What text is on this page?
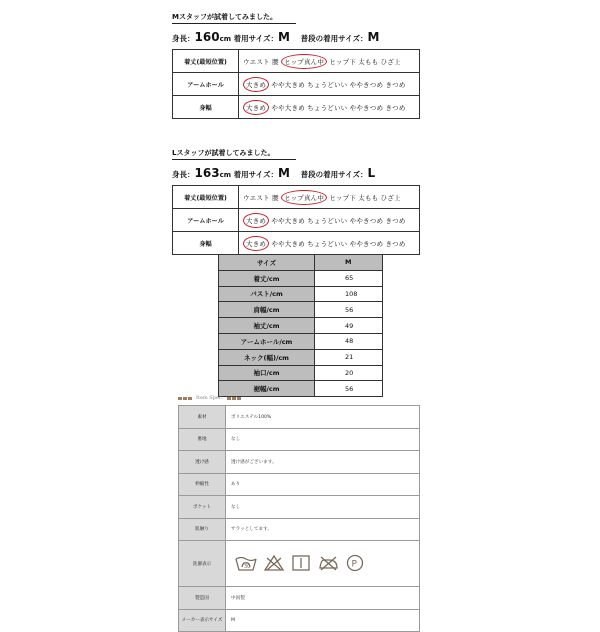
Mスタッフが試着してみました。
身長：160cm 着用サイズ：M 普段の着用サイズ：M
着丈(最短位置)	ウエスト 腰 ヒップ真ん中 ヒップ下 太もも ひざ上
アームホール	大きめ やや大きめ ちょうどいい ややきつめ きつめ
身幅	大きめ やや大きめ ちょうどいい ややきつめ きつめ
Lスタッフが試着してみました。
身長：163cm 着用サイズ：M 普段の着用サイズ：L
着丈(最短位置)	ウエスト 腰 ヒップ真ん中 ヒップ下 太もも ひざ上
アームホール	大きめ やや大きめ ちょうどいい ややきつめ きつめ
身幅	大きめ やや大きめ ちょうどいい ややきつめ きつめ
サイズ	M
着丈/cm	65
バスト/cm	108
肩幅/cm	56
袖丈/cm	49
アームホール/cm	48
ネック(幅)/cm	21
袖口/cm	20
裾幅/cm	56
Item Spec.
素材	ポリエステル100%
裏地	なし
透け感	透け感がございます。
伸縮性	あり
ポケット	なし
肌触り	サラッとしてます。
洗濯表示	30 P

製造国	中国製
メーカー表示サイズ	M
